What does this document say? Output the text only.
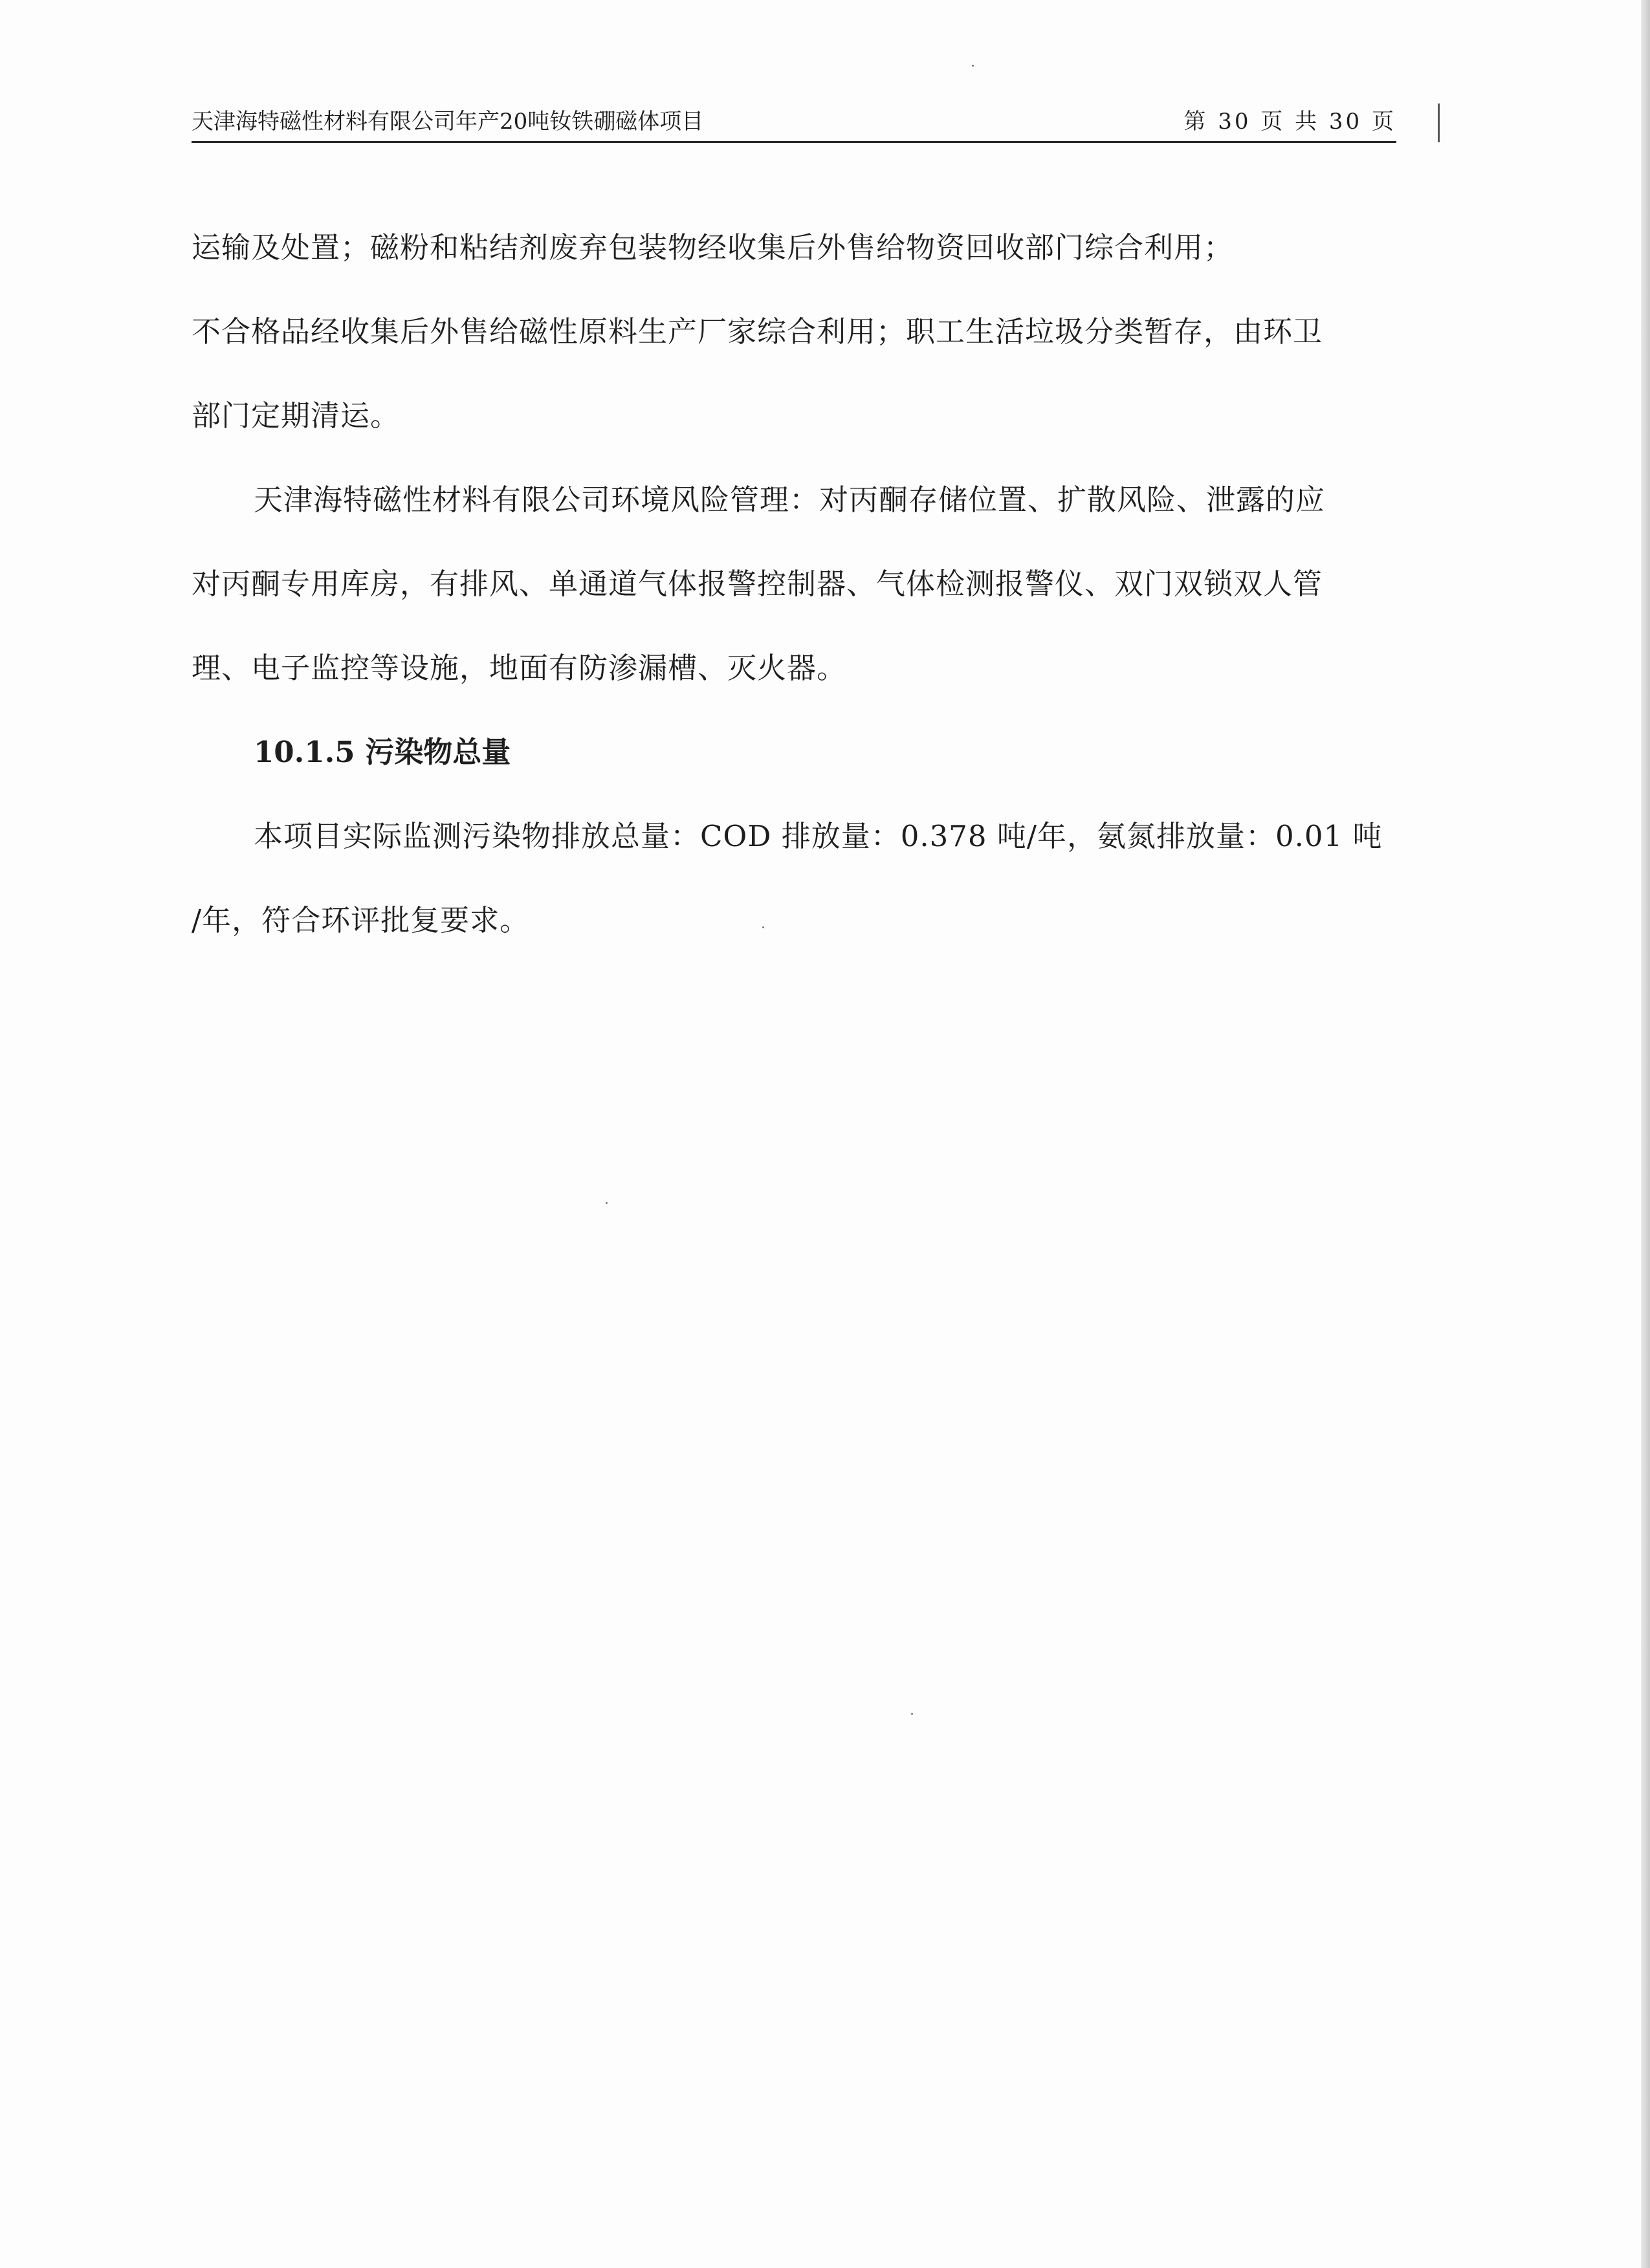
天津海特磁性材料有限公司年产20吨钕铁硼磁体项目	第 30 页 共 30 页

运输及处置；磁粉和粘结剂废弃包装物经收集后外售给物资回收部门综合利用；
不合格品经收集后外售给磁性原料生产厂家综合利用；职工生活垃圾分类暂存，由环卫
部门定期清运。

天津海特磁性材料有限公司环境风险管理：对丙酮存储位置、扩散风险、泄露的应
对丙酮专用库房，有排风、单通道气体报警控制器、气体检测报警仪、双门双锁双人管
理、电子监控等设施，地面有防渗漏槽、灭火器。

10.1.5 污染物总量

本项目实际监测污染物排放总量：COD 排放量：0.378 吨/年，氨氮排放量：0.01 吨
/年，符合环评批复要求。
